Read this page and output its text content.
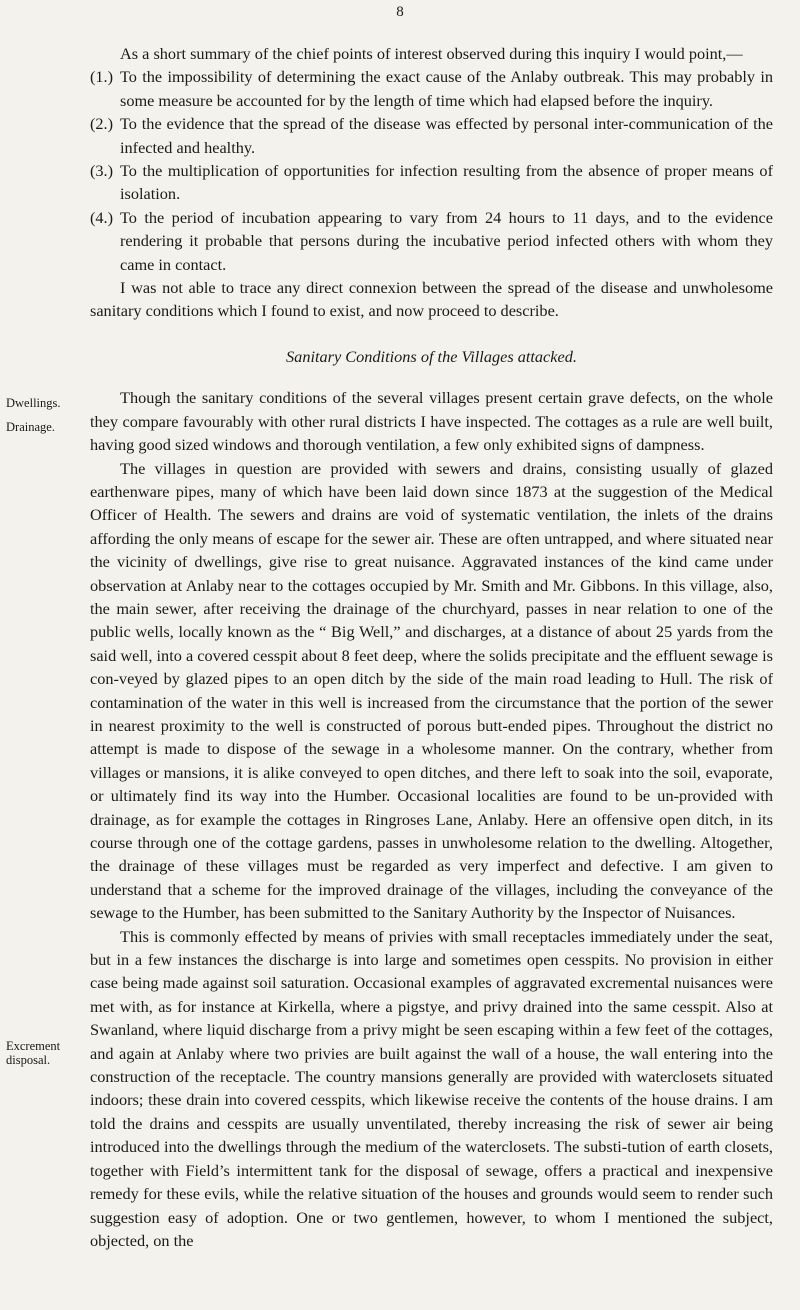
8
Dwellings.
Drainage.
Excrement
disposal.

As a short summary of the chief points of interest observed during this inquiry I would point,—

(1.) To the impossibility of determining the exact cause of the Anlaby outbreak. This may probably in some measure be accounted for by the length of time which had elapsed before the inquiry.
(2.) To the evidence that the spread of the disease was effected by personal inter-communication of the infected and healthy.
(3.) To the multiplication of opportunities for infection resulting from the absence of proper means of isolation.
(4.) To the period of incubation appearing to vary from 24 hours to 11 days, and to the evidence rendering it probable that persons during the incubative period infected others with whom they came in contact.

I was not able to trace any direct connexion between the spread of the disease and unwholesome sanitary conditions which I found to exist, and now proceed to describe.

Sanitary Conditions of the Villages attacked.

Though the sanitary conditions of the several villages present certain grave defects, on the whole they compare favourably with other rural districts I have inspected. The cottages as a rule are well built, having good sized windows and thorough ventilation, a few only exhibited signs of dampness.

The villages in question are provided with sewers and drains, consisting usually of glazed earthenware pipes, many of which have been laid down since 1873 at the suggestion of the Medical Officer of Health. The sewers and drains are void of systematic ventilation, the inlets of the drains affording the only means of escape for the sewer air. These are often untrapped, and where situated near the vicinity of dwellings, give rise to great nuisance. Aggravated instances of the kind came under observation at Anlaby near to the cottages occupied by Mr. Smith and Mr. Gibbons. In this village, also, the main sewer, after receiving the drainage of the churchyard, passes in near relation to one of the public wells, locally known as the “ Big Well,” and discharges, at a distance of about 25 yards from the said well, into a covered cesspit about 8 feet deep, where the solids precipitate and the effluent sewage is con-veyed by glazed pipes to an open ditch by the side of the main road leading to Hull. The risk of contamination of the water in this well is increased from the circumstance that the portion of the sewer in nearest proximity to the well is constructed of porous butt-ended pipes. Throughout the district no attempt is made to dispose of the sewage in a wholesome manner. On the contrary, whether from villages or mansions, it is alike conveyed to open ditches, and there left to soak into the soil, evaporate, or ultimately find its way into the Humber. Occasional localities are found to be un-provided with drainage, as for example the cottages in Ringroses Lane, Anlaby. Here an offensive open ditch, in its course through one of the cottage gardens, passes in unwholesome relation to the dwelling. Altogether, the drainage of these villages must be regarded as very imperfect and defective. I am given to understand that a scheme for the improved drainage of the villages, including the conveyance of the sewage to the Humber, has been submitted to the Sanitary Authority by the Inspector of Nuisances.

This is commonly effected by means of privies with small receptacles immediately under the seat, but in a few instances the discharge is into large and sometimes open cesspits. No provision in either case being made against soil saturation. Occasional examples of aggravated excremental nuisances were met with, as for instance at Kirkella, where a pigstye, and privy drained into the same cesspit. Also at Swanland, where liquid discharge from a privy might be seen escaping within a few feet of the cottages, and again at Anlaby where two privies are built against the wall of a house, the wall entering into the construction of the receptacle. The country mansions generally are provided with waterclosets situated indoors; these drain into covered cesspits, which likewise receive the contents of the house drains. I am told the drains and cesspits are usually unventilated, thereby increasing the risk of sewer air being introduced into the dwellings through the medium of the waterclosets. The substi-tution of earth closets, together with Field’s intermittent tank for the disposal of sewage, offers a practical and inexpensive remedy for these evils, while the relative situation of the houses and grounds would seem to render such suggestion easy of adoption. One or two gentlemen, however, to whom I mentioned the subject, objected, on the
